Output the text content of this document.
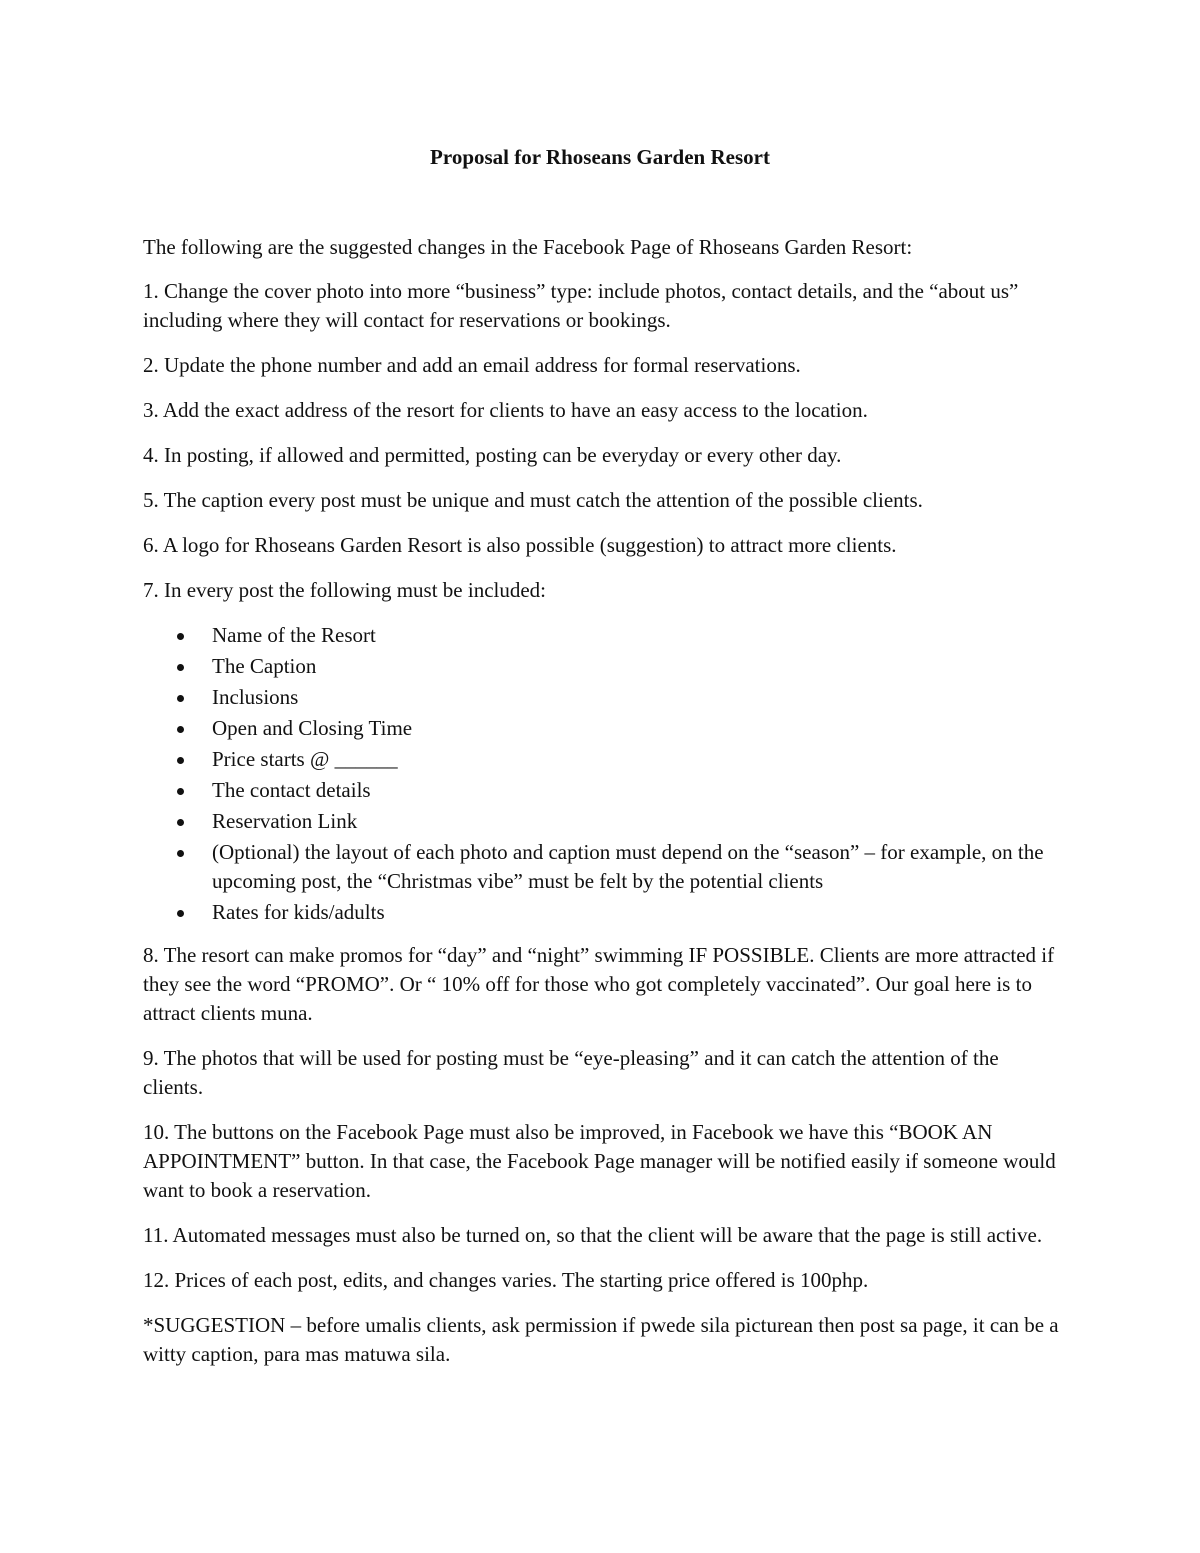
Proposal for Rhoseans Garden Resort

The following are the suggested changes in the Facebook Page of Rhoseans Garden Resort:

1. Change the cover photo into more “business” type: include photos, contact details, and the “about us” including where they will contact for reservations or bookings.

2. Update the phone number and add an email address for formal reservations.

3. Add the exact address of the resort for clients to have an easy access to the location.

4. In posting, if allowed and permitted, posting can be everyday or every other day.

5. The caption every post must be unique and must catch the attention of the possible clients.

6. A logo for Rhoseans Garden Resort is also possible (suggestion) to attract more clients.

7. In every post the following must be included:

Name of the Resort
The Caption
Inclusions
Open and Closing Time
Price starts @ ______
The contact details
Reservation Link
(Optional) the layout of each photo and caption must depend on the “season” – for example, on the upcoming post, the “Christmas vibe” must be felt by the potential clients
Rates for kids/adults

8. The resort can make promos for “day” and “night” swimming IF POSSIBLE. Clients are more attracted if they see the word “PROMO”. Or “ 10% off for those who got completely vaccinated”. Our goal here is to attract clients muna.

9. The photos that will be used for posting must be “eye-pleasing” and it can catch the attention of the clients.

10. The buttons on the Facebook Page must also be improved, in Facebook we have this “BOOK AN APPOINTMENT” button. In that case, the Facebook Page manager will be notified easily if someone would want to book a reservation.

11. Automated messages must also be turned on, so that the client will be aware that the page is still active.

12. Prices of each post, edits, and changes varies. The starting price offered is 100php.

*SUGGESTION – before umalis clients, ask permission if pwede sila picturean then post sa page, it can be a witty caption, para mas matuwa sila.
